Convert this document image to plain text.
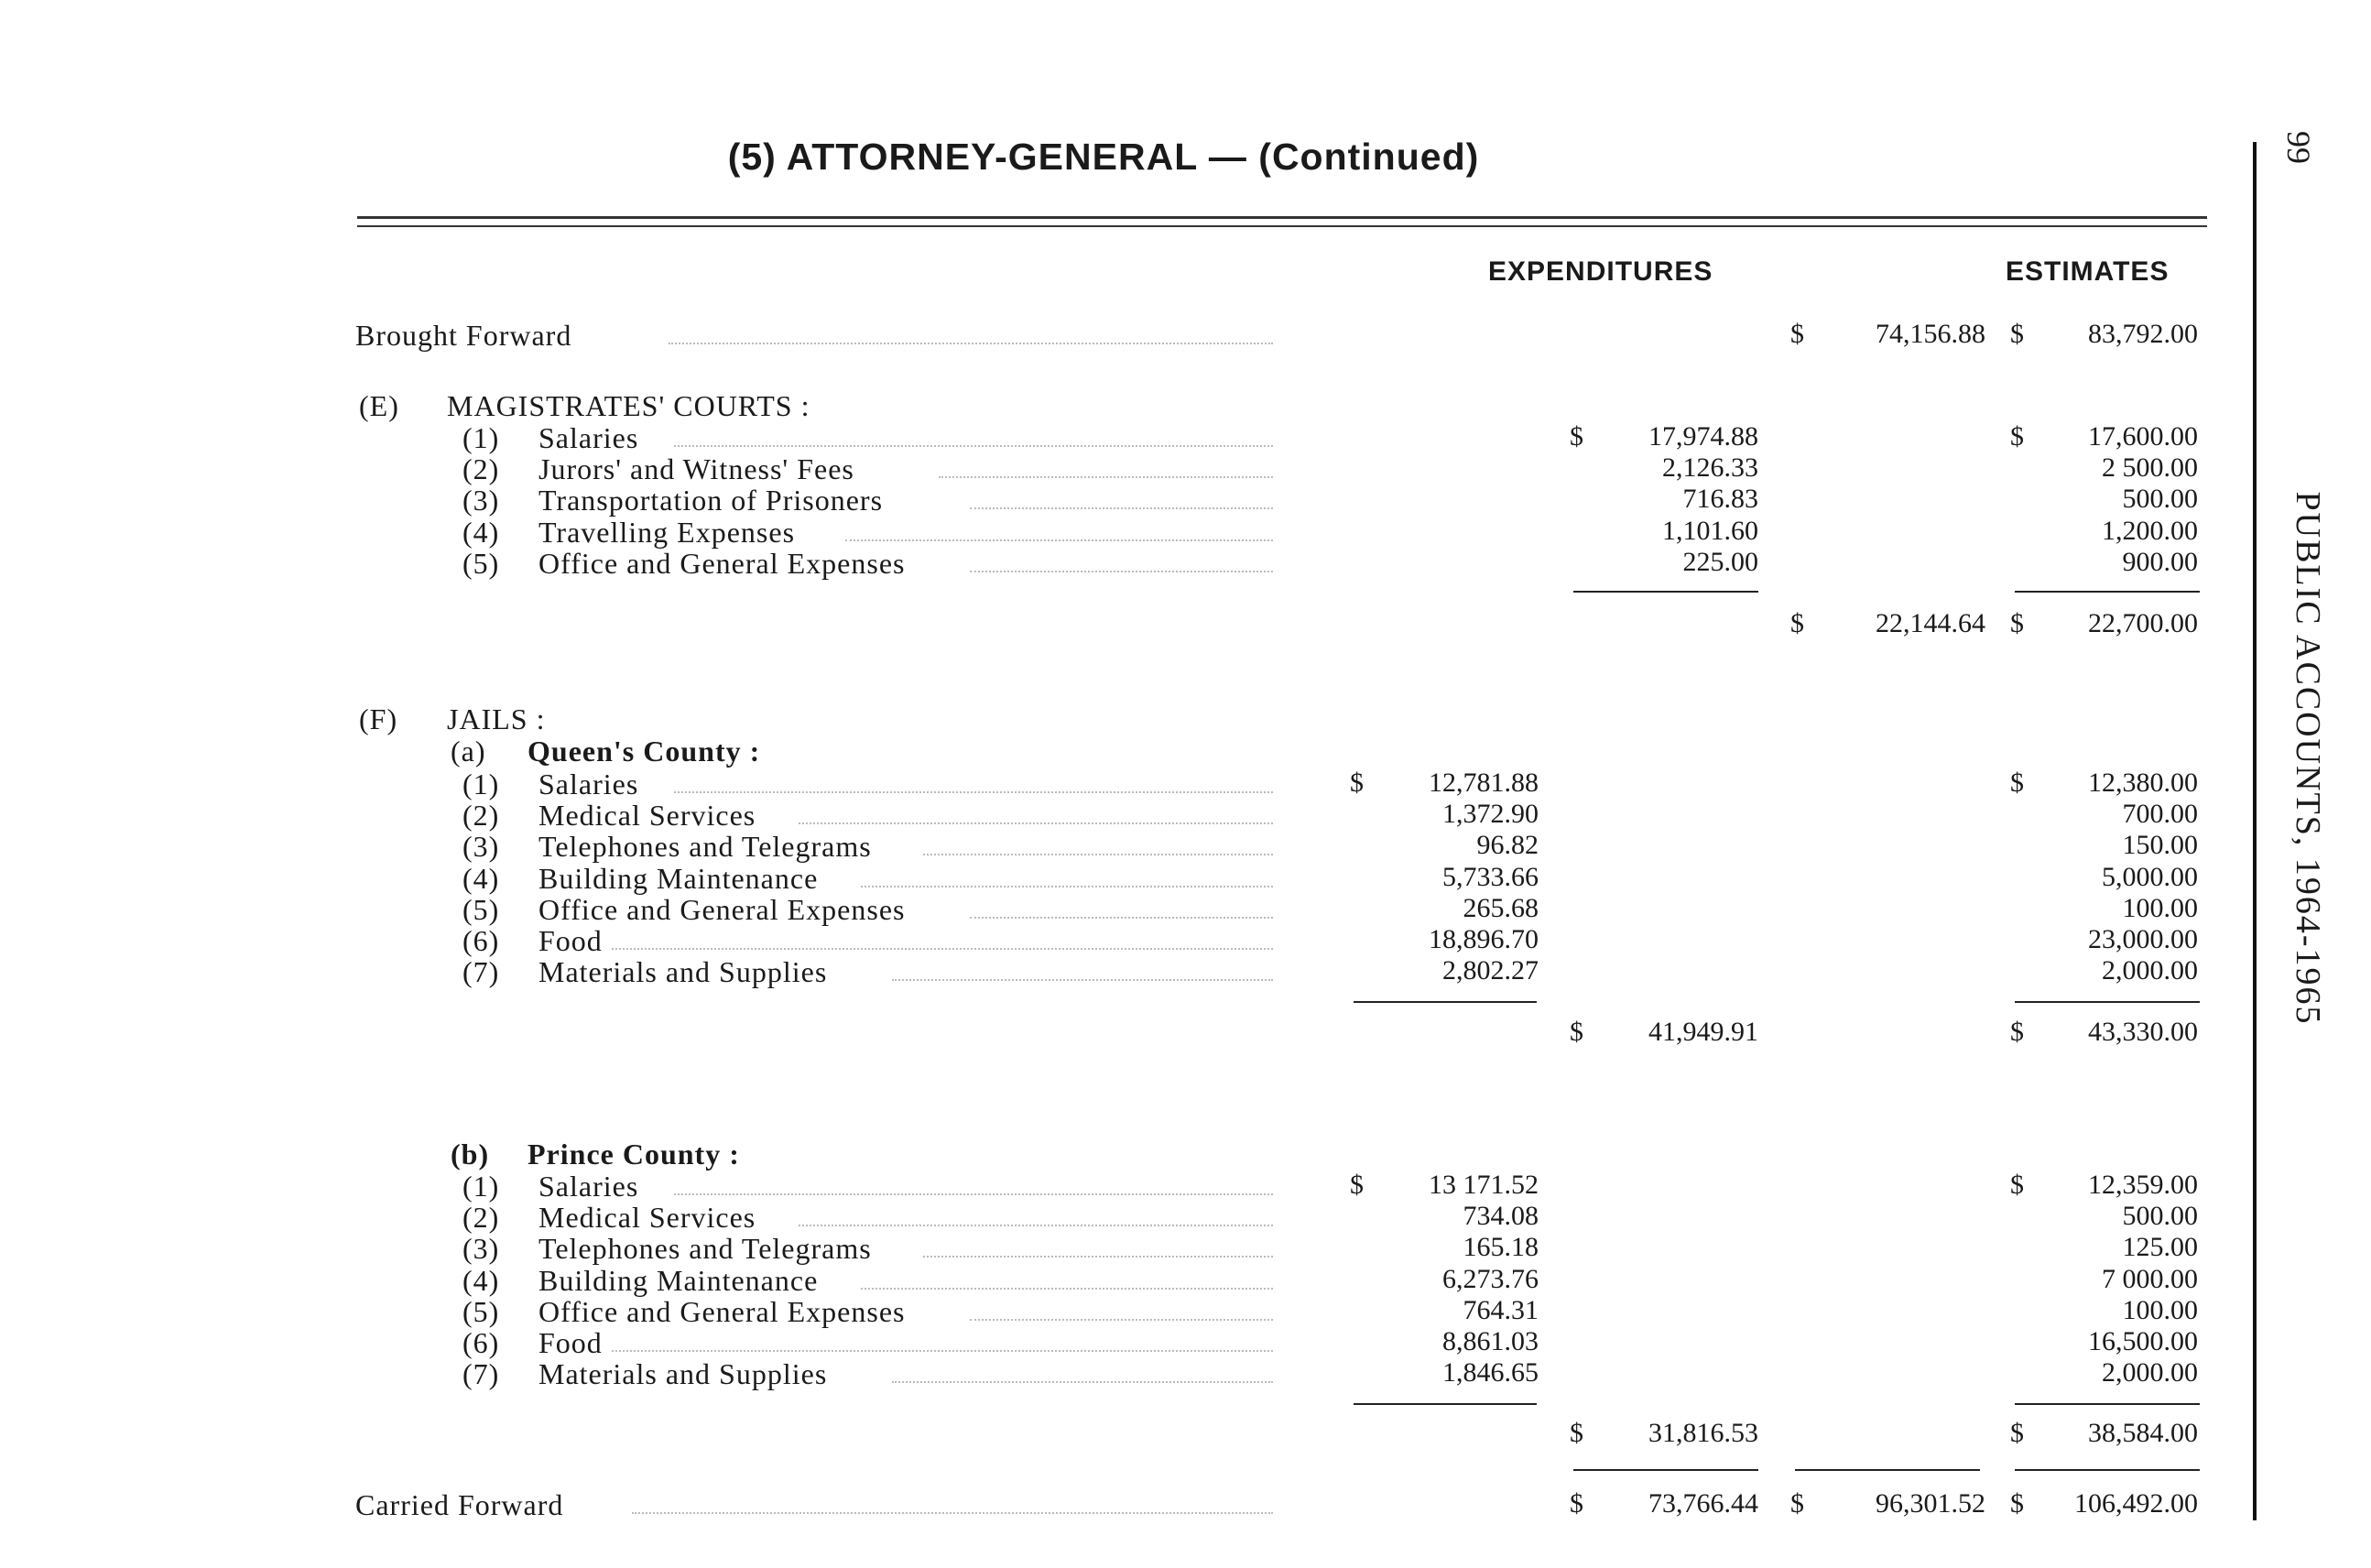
(5) ATTORNEY-GENERAL — (Continued)	99
PUBLIC ACCOUNTS, 1964-1965
EXPENDITURES	ESTIMATES
Brought Forward	$	74,156.88 $	83,792.00
(E) MAGISTRATES' COURTS :
(1) Salaries	$	17,974.88	$	17,600.00
(2) Jurors' and Witness' Fees	2,126.33	2 500.00
(3) Transportation of Prisoners	716.83	500.00
(4) Travelling Expenses	1,101.60	1,200.00
(5) Office and General Expenses	225.00	900.00
$	22,144.64 $	22,700.00
(F) JAILS :
(a) Queen's County :
(1) Salaries	$	12,781.88	$	12,380.00
(2) Medical Services	1,372.90	700.00
(3) Telephones and Telegrams	96.82	150.00
(4) Building Maintenance	5,733.66	5,000.00
(5) Office and General Expenses	265.68	100.00
(6) Food	18,896.70	23,000.00
(7) Materials and Supplies	2,802.27	2,000.00
$	41,949.91	$	43,330.00
(b) Prince County :
(1) Salaries	$	13 171.52	$	12,359.00
(2) Medical Services	734.08	500.00
(3) Telephones and Telegrams	165.18	125.00
(4) Building Maintenance	6,273.76	7 000.00
(5) Office and General Expenses	764.31	100.00
(6) Food	8,861.03	16,500.00
(7) Materials and Supplies	1,846.65	2,000.00
$	31,816.53	$	38,584.00
Carried Forward	$	73,766.44 $	96,301.52 $	106,492.00
